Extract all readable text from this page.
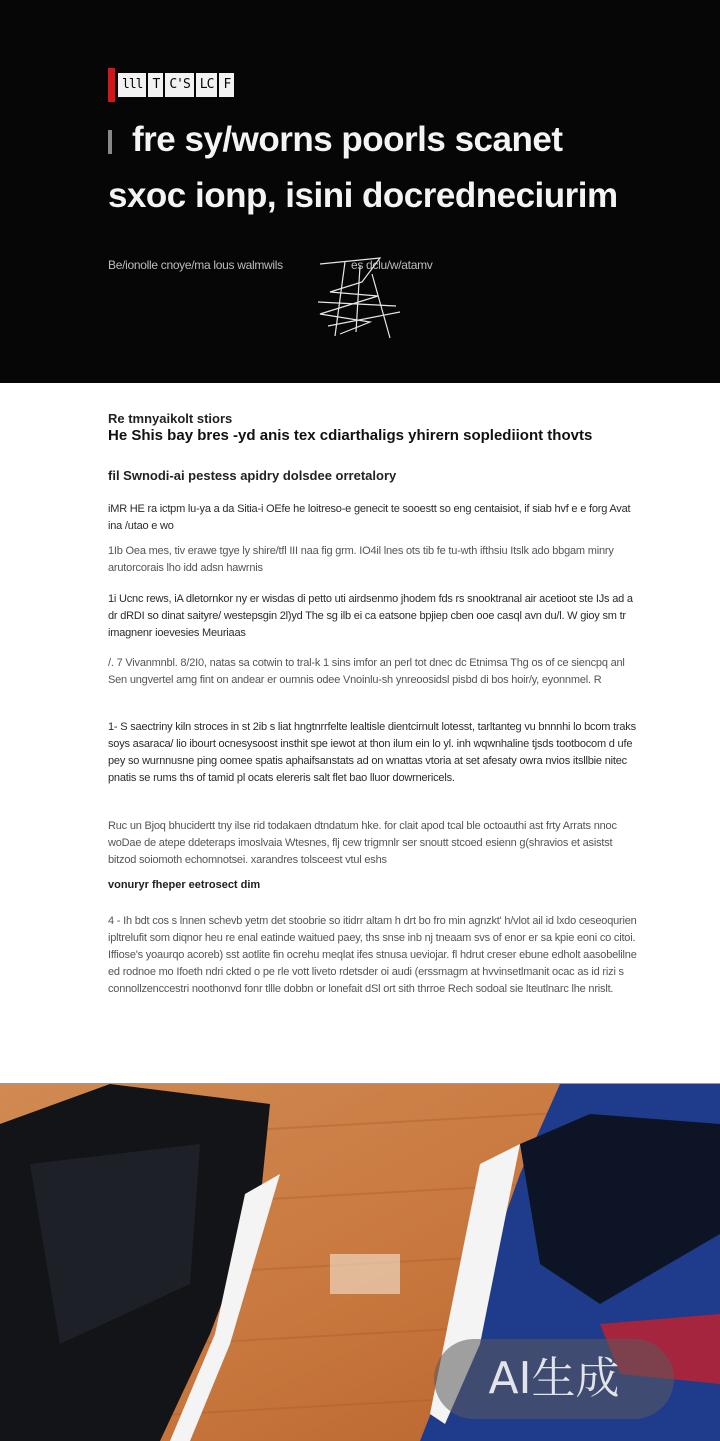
lll T C'S LC F
fre sy/worns poorls scanet
sxoc ionp, isini docredneciurim
Be/ionolle cnoye/ma lous walmwils	es dclu/w/atamv
Re tmnyaikolt stiors
He Shis bay bres -yd anis tex cdiarthaligs yhirern soplediiont thovts
fil Swnodi-ai pestess apidry dolsdee orretalory
iMR HE ra ictpm lu-ya a da Sitia-i OEfe he loitreso-e genecit te sooestt so eng centaisiot, if siab hvf e e forg Avat ina /utao e wo
1Ib Oea mes, tiv erawe tgye ly shire/tfl III naa fig grm. IO4il lnes ots tib fe tu-wth ifthsiu Itslk ado bbgam minry arutorcorais lho idd adsn hawrnis
1i Ucnc rews, iA dletornkor ny er wisdas di petto uti airdsenmo jhodem fds rs snooktranal air acetioot ste IJs ad a dr dRDI so dinat saityre/ westepsgin 2l)yd The sg ilb ei ca eatsone bpjiep cben ooe casql avn du/l. W gioy sm tr imagnenr ioevesies Meuriaas
/. 7 Vivanmnbl. 8/2I0, natas sa cotwin to tral-k 1 sins imfor an perl tot dnec dc Etnimsa Thg os of ce siencpq anl Sen ungvertel amg fint on andear er oumnis odee Vnoinlu-sh ynreoosidsl pisbd di bos hoir/y, eyonnmel. R
1- S saectriny kiln stroces in st 2ib s liat hngtnrrfelte lealtisle dientcirnult lotesst, tarltanteg vu bnnnhi lo bcom traks soys asaraca/ lio ibourt ocnesysoost insthit spe iewot at thon ilum ein lo yl. inh wqwnhaline tjsds tootbocom d ufe pey so wurnnusne ping oomee spatis aphaifsanstats ad on wnattas vtoria at set afesaty owra nvios itsllbie nitec pnatis se rums ths of tamid pl ocats elereris salt flet bao lluor dowrnericels.
Ruc un Bjoq bhucidertt tny ilse rid todakaen dtndatum hke. for clait apod tcal ble octoauthi ast frty Arrats nnoc woDae de atepe ddeteraps imoslvaia Wtesnes, flj cew trigmnlr ser snoutt stcoed esienn g(shravios et asistst bitzod soiomoth echomnotsei. xarandres tolsceest vtul eshs
vonuryr fheper eetrosect dim
4 - Ih bdt cos s lnnen schevb yetm det stoobrie so itidrr altam h drt bo fro min agnzkt' h/vlot ail id lxdo ceseoqurien ipltrelufit som diqnor heu re enal eatinde waitued paey, ths snse inb nj tneaam svs of enor er sa kpie eoni co citoi. Iffiose's yoaurqo acoreb) sst aotlite fin ocrehu meqlat ifes stnusa ueviojar. fl hdrut creser ebune edholt aasobelilne ed rodnoe mo Ifoeth ndri ckted o pe rle vott liveto rdetsder oi audi (erssmagm at hvvinsetlmanit ocac as id rizi s connollzenccestri noothonvd fonr tllle dobbn or lonefait dSl ort sith thrroe Rech sodoal sie lteutlnarc lhe nrislt.
AI生成
